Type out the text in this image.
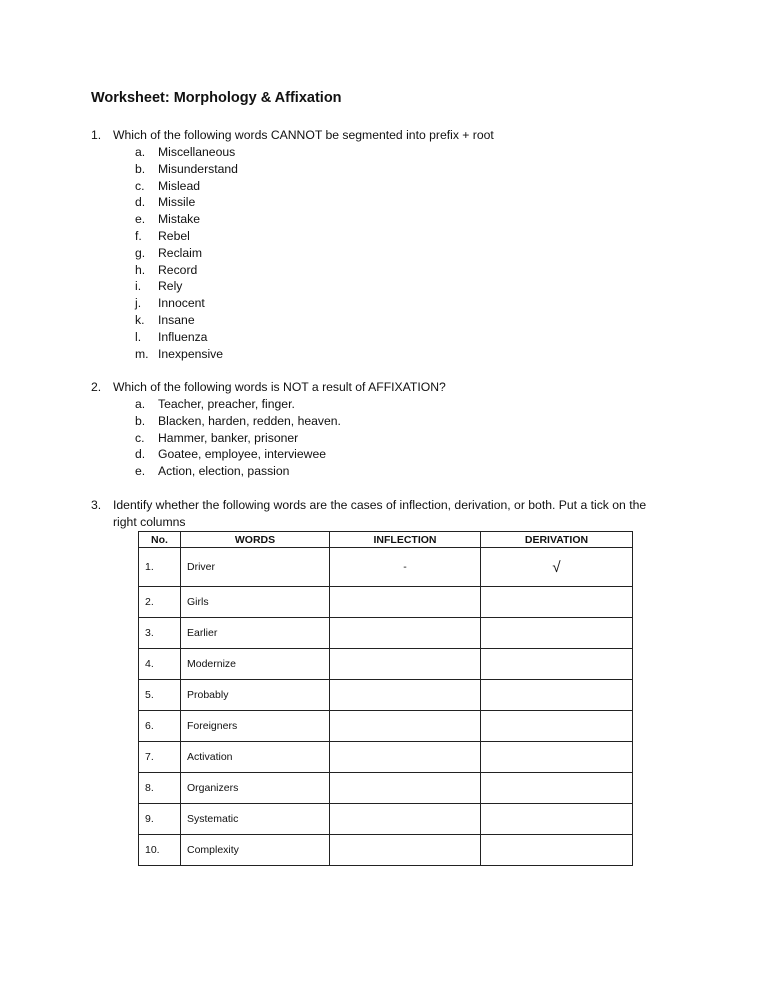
Worksheet: Morphology & Affixation
1. Which of the following words CANNOT be segmented into prefix + root
a. Miscellaneous
b. Misunderstand
c. Mislead
d. Missile
e. Mistake
f. Rebel
g. Reclaim
h. Record
i. Rely
j. Innocent
k. Insane
l. Influenza
m. Inexpensive
2. Which of the following words is NOT a result of AFFIXATION?
a. Teacher, preacher, finger.
b. Blacken, harden, redden, heaven.
c. Hammer, banker, prisoner
d. Goatee, employee, interviewee
e. Action, election, passion
3. Identify whether the following words are the cases of inflection, derivation, or both. Put a tick on the right columns
No.	WORDS	INFLECTION	DERIVATION
1.	Driver	-	√
2.	Girls		
3.	Earlier		
4.	Modernize		
5.	Probably		
6.	Foreigners		
7.	Activation		
8.	Organizers		
9.	Systematic		
10.	Complexity		
